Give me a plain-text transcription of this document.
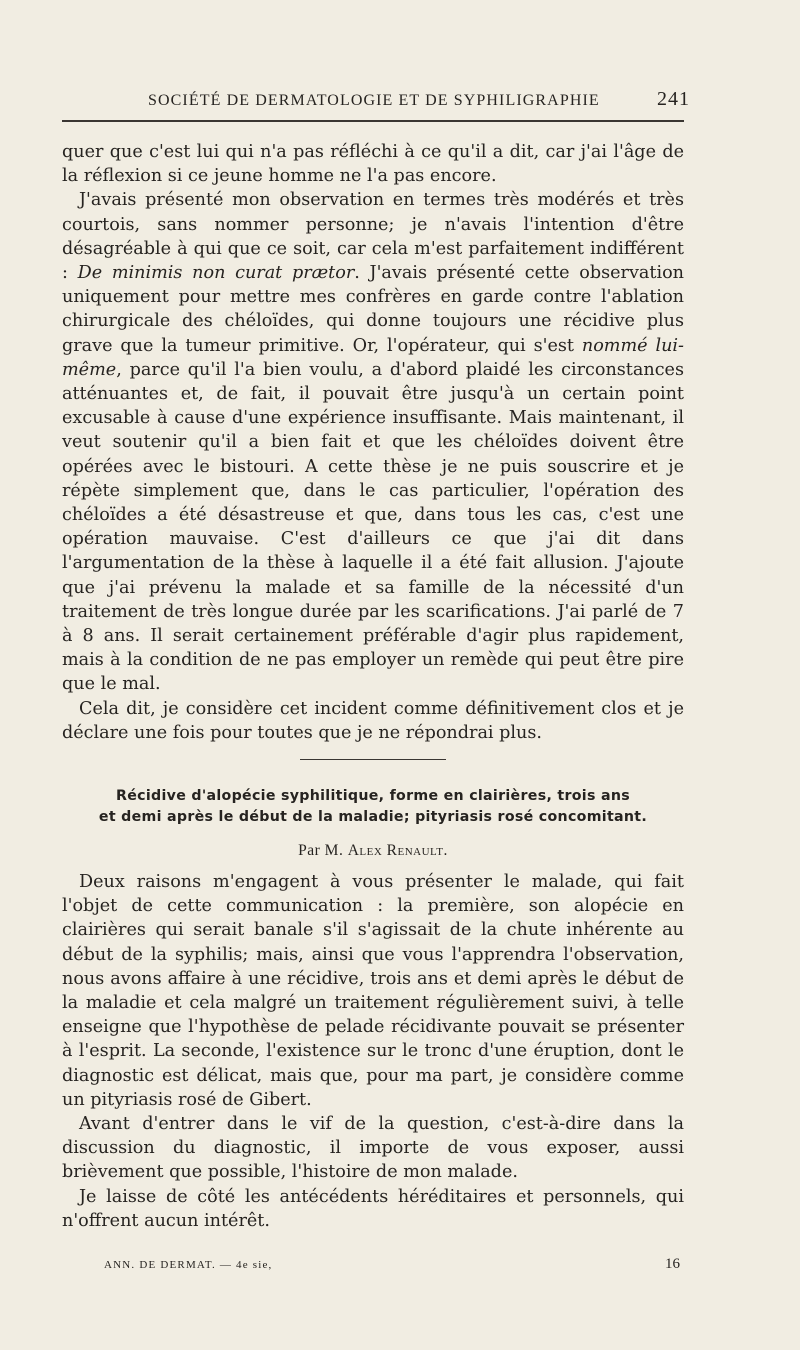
SOCIÉTÉ DE DERMATOLOGIE ET DE SYPHILIGRAPHIE	241

quer que c'est lui qui n'a pas réfléchi à ce qu'il a dit, car j'ai l'âge de la réflexion si ce jeune homme ne l'a pas encore.

J'avais présenté mon observation en termes très modérés et très courtois, sans nommer personne; je n'avais l'intention d'être désagréable à qui que ce soit, car cela m'est parfaitement indifférent : De minimis non curat prætor. J'avais présenté cette observation uniquement pour mettre mes confrères en garde contre l'ablation chirurgicale des chéloïdes, qui donne toujours une récidive plus grave que la tumeur primitive. Or, l'opérateur, qui s'est nommé lui-même, parce qu'il l'a bien voulu, a d'abord plaidé les circonstances atténuantes et, de fait, il pouvait être jusqu'à un certain point excusable à cause d'une expérience insuffisante. Mais maintenant, il veut soutenir qu'il a bien fait et que les chéloïdes doivent être opérées avec le bistouri. A cette thèse je ne puis souscrire et je répète simplement que, dans le cas particulier, l'opération des chéloïdes a été désastreuse et que, dans tous les cas, c'est une opération mauvaise. C'est d'ailleurs ce que j'ai dit dans l'argumentation de la thèse à laquelle il a été fait allusion. J'ajoute que j'ai prévenu la malade et sa famille de la nécessité d'un traitement de très longue durée par les scarifications. J'ai parlé de 7 à 8 ans. Il serait certainement préférable d'agir plus rapidement, mais à la condition de ne pas employer un remède qui peut être pire que le mal.

Cela dit, je considère cet incident comme définitivement clos et je déclare une fois pour toutes que je ne répondrai plus.

Récidive d'alopécie syphilitique, forme en clairières, trois ans
et demi après le début de la maladie; pityriasis rosé concomitant.
Par M. Alex Renault.

Deux raisons m'engagent à vous présenter le malade, qui fait l'objet de cette communication : la première, son alopécie en clairières qui serait banale s'il s'agissait de la chute inhérente au début de la syphilis; mais, ainsi que vous l'apprendra l'observation, nous avons affaire à une récidive, trois ans et demi après le début de la maladie et cela malgré un traitement régulièrement suivi, à telle enseigne que l'hypothèse de pelade récidivante pouvait se présenter à l'esprit. La seconde, l'existence sur le tronc d'une éruption, dont le diagnostic est délicat, mais que, pour ma part, je considère comme un pityriasis rosé de Gibert.

Avant d'entrer dans le vif de la question, c'est-à-dire dans la discussion du diagnostic, il importe de vous exposer, aussi brièvement que possible, l'histoire de mon malade.

Je laisse de côté les antécédents héréditaires et personnels, qui n'offrent aucun intérêt.

ANN. DE DERMAT. — 4e sie,	16
